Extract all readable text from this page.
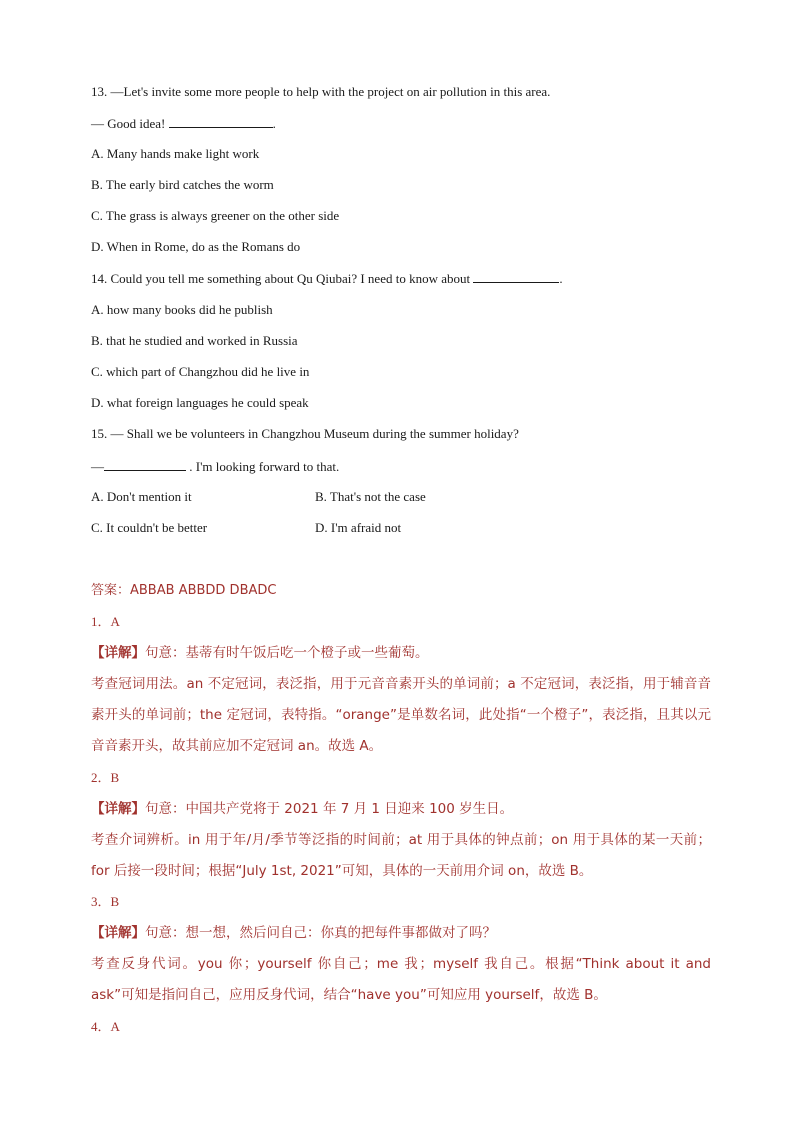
13. —Let's invite some more people to help with the project on air pollution in this area.
— Good idea!	.
A. Many hands make light work
B. The early bird catches the worm
C. The grass is always greener on the other side
D. When in Rome, do as the Romans do
14. Could you tell me something about Qu Qiubai? I need to know about	.
A. how many books did he publish
B. that he studied and worked in Russia
C. which part of Changzhou did he live in
D. what foreign languages he could speak
15. — Shall we be volunteers in Changzhou Museum during the summer holiday?
—	. I'm looking forward to that.
A. Don't mention it	B. That's not the case
C. It couldn't be better	D. I'm afraid not
答案：ABBAB ABBDD DBADC
1．A
【详解】句意：基蒂有时午饭后吃一个橙子或一些葡萄。
考查冠词用法。an 不定冠词，表泛指，用于元音音素开头的单词前；a 不定冠词，表泛指，用于辅音音素开头的单词前；the 定冠词，表特指。“orange”是单数名词，此处指“一个橙子”，表泛指，且其以元音音素开头，故其前应加不定冠词 an。故选 A。
2．B
【详解】句意：中国共产党将于 2021 年 7 月 1 日迎来 100 岁生日。
考查介词辨析。in 用于年/月/季节等泛指的时间前；at 用于具体的钟点前；on 用于具体的某一天前；for 后接一段时间；根据“July 1st, 2021”可知，具体的一天前用介词 on，故选 B。
3．B
【详解】句意：想一想，然后问自己：你真的把每件事都做对了吗？
考查反身代词。you 你；yourself 你自己；me 我；myself 我自己。根据“Think about it and ask”可知是指问自己，应用反身代词，结合“have you”可知应用 yourself，故选 B。
4．A
